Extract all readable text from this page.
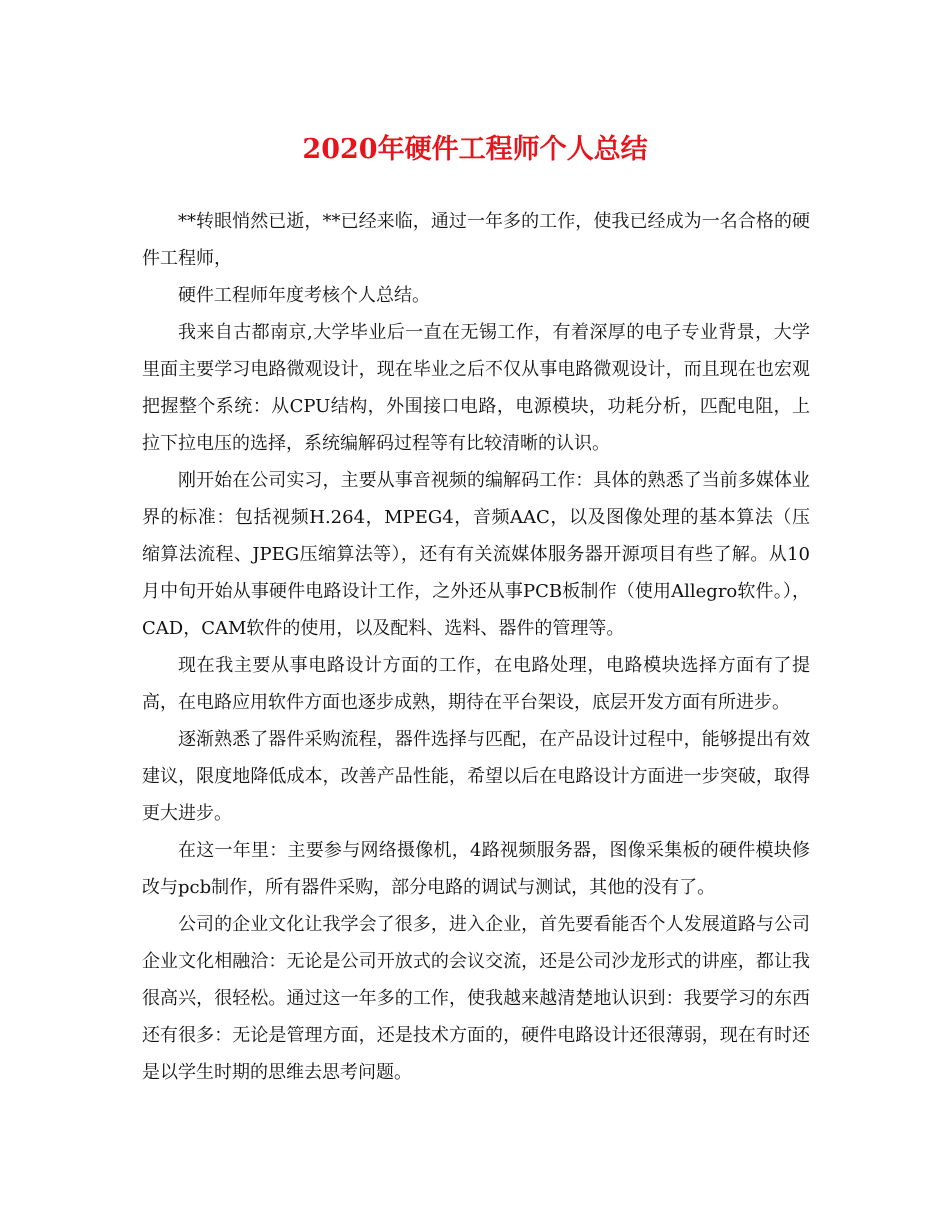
2020年硬件工程师个人总结

**转眼悄然已逝，**已经来临，通过一年多的工作，使我已经成为一名合格的硬件工程师，

硬件工程师年度考核个人总结。

我来自古都南京,大学毕业后一直在无锡工作，有着深厚的电子专业背景，大学里面主要学习电路微观设计，现在毕业之后不仅从事电路微观设计，而且现在也宏观把握整个系统：从CPU结构，外围接口电路，电源模块，功耗分析，匹配电阻，上拉下拉电压的选择，系统编解码过程等有比较清晰的认识。

刚开始在公司实习，主要从事音视频的编解码工作：具体的熟悉了当前多媒体业界的标准：包括视频H.264，MPEG4，音频AAC，以及图像处理的基本算法（压缩算法流程、JPEG压缩算法等），还有有关流媒体服务器开源项目有些了解。从10月中旬开始从事硬件电路设计工作，之外还从事PCB板制作（使用Allegro软件。），CAD，CAM软件的使用，以及配料、选料、器件的管理等。

现在我主要从事电路设计方面的工作，在电路处理，电路模块选择方面有了提高，在电路应用软件方面也逐步成熟，期待在平台架设，底层开发方面有所进步。

逐渐熟悉了器件采购流程，器件选择与匹配，在产品设计过程中，能够提出有效建议，限度地降低成本，改善产品性能，希望以后在电路设计方面进一步突破，取得更大进步。

在这一年里：主要参与网络摄像机，4路视频服务器，图像采集板的硬件模块修改与pcb制作，所有器件采购，部分电路的调试与测试，其他的没有了。

公司的企业文化让我学会了很多，进入企业，首先要看能否个人发展道路与公司企业文化相融洽：无论是公司开放式的会议交流，还是公司沙龙形式的讲座，都让我很高兴，很轻松。通过这一年多的工作，使我越来越清楚地认识到：我要学习的东西还有很多：无论是管理方面，还是技术方面的，硬件电路设计还很薄弱，现在有时还是以学生时期的思维去思考问题。
